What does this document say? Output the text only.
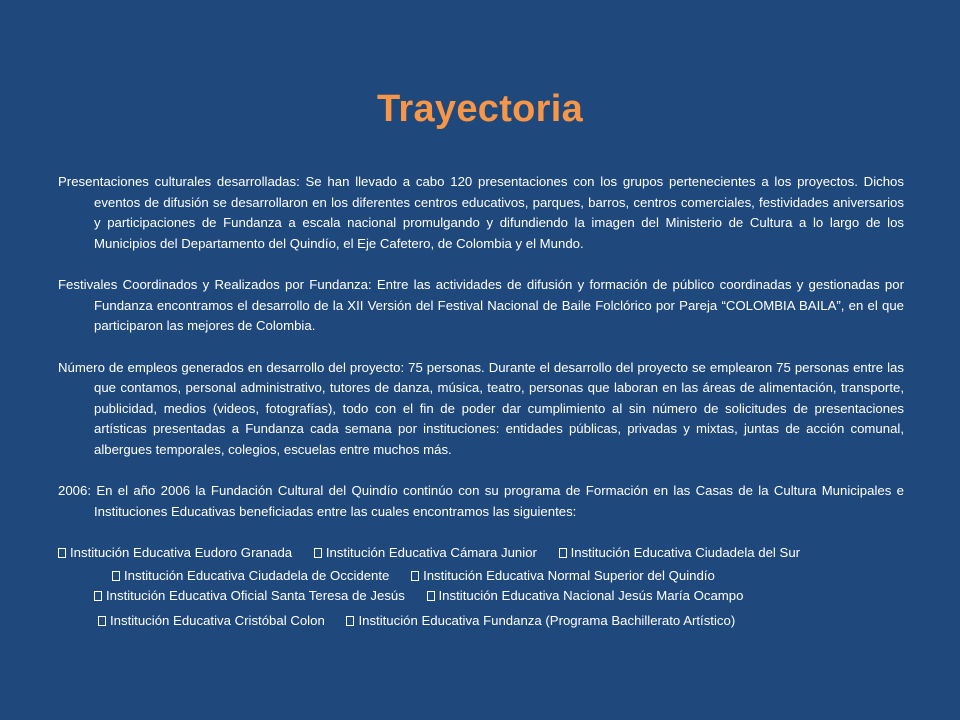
Trayectoria

Presentaciones culturales desarrolladas: Se han llevado a cabo 120 presentaciones con los grupos pertenecientes a los proyectos. Dichos eventos de difusión se desarrollaron en los diferentes centros educativos, parques, barros, centros comerciales, festividades aniversarios y participaciones de Fundanza a escala nacional promulgando y difundiendo la imagen del Ministerio de Cultura a lo largo de los Municipios del Departamento del Quindío, el Eje Cafetero, de Colombia y el Mundo.

Festivales Coordinados y Realizados por Fundanza: Entre las actividades de difusión y formación de público coordinadas y gestionadas por Fundanza encontramos el desarrollo de la XII Versión del Festival Nacional de Baile Folclórico por Pareja “COLOMBIA BAILA”, en el que participaron las mejores de Colombia.

Número de empleos generados en desarrollo del proyecto: 75 personas. Durante el desarrollo del proyecto se emplearon 75 personas entre las que contamos, personal administrativo, tutores de danza, música, teatro, personas que laboran en las áreas de alimentación, transporte, publicidad, medios (videos, fotografías), todo con el fin de poder dar cumplimiento al sin número de solicitudes de presentaciones artísticas presentadas a Fundanza cada semana por instituciones: entidades públicas, privadas y mixtas, juntas de acción comunal, albergues temporales, colegios, escuelas entre muchos más.

2006: En el año 2006 la Fundación Cultural del Quindío continúo con su programa de Formación en las Casas de la Cultura Municipales e Instituciones Educativas beneficiadas entre las cuales encontramos las siguientes:

Institución Educativa Eudoro Granada	Institución Educativa Cámara Junior	Institución Educativa Ciudadela del Sur
Institución Educativa Ciudadela de Occidente	Institución Educativa Normal Superior del Quindío
Institución Educativa Oficial Santa Teresa de Jesús	Institución Educativa Nacional Jesús María Ocampo
Institución Educativa Cristóbal Colon	Institución Educativa Fundanza (Programa Bachillerato Artístico)
